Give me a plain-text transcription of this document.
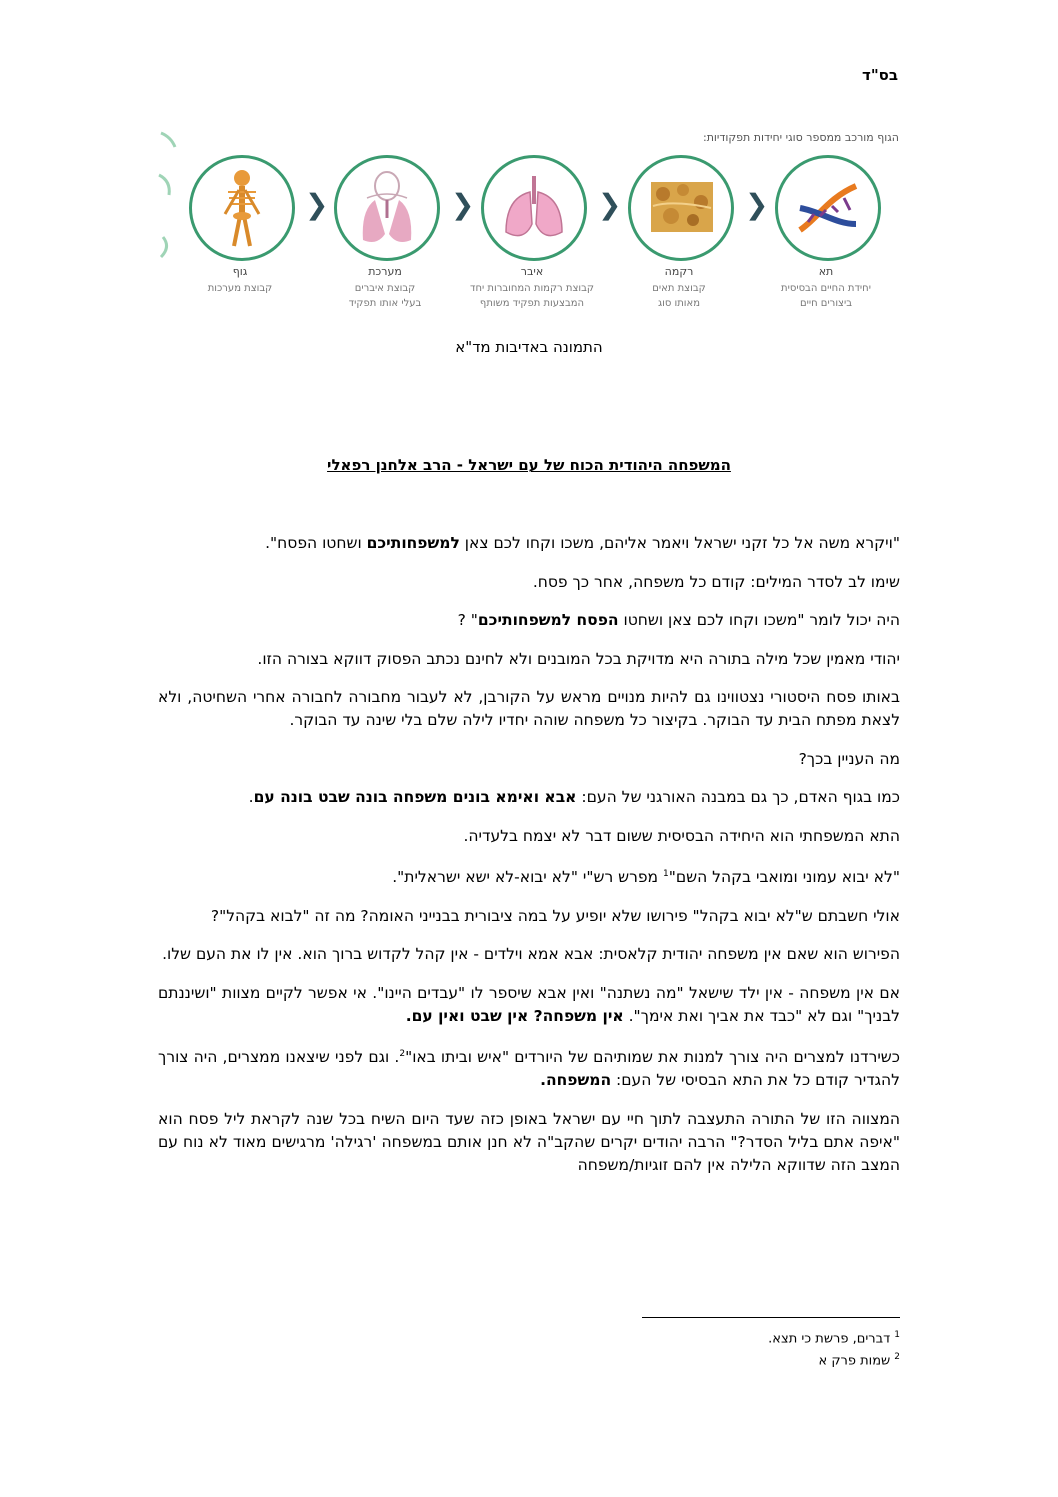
בס"ד
הגוף מורכב ממספר סוגי יחידות תפקודיות:
גוף
קבוצת מערכות
❮
מערכת
קבוצת איברים
בעלי אותו תפקיד
❮
איבר
קבוצת רקמות המחוברות יחד
המבצעות תפקיד משותף
❮
רקמה
קבוצת תאים
מאותו סוג
❮
תא
יחידת החיים הבסיסית
ביצורים חיים
התמונה באדיבות מד"א
המשפחה היהודית הכוח של עם ישראל - הרב אלחנן רפאלי

"ויקרא משה אל כל זקני ישראל ויאמר אליהם, משכו וקחו לכם צאן למשפחותיכם ושחטו הפסח".

שימו לב לסדר המילים: קודם כל משפחה, אחר כך פסח.

היה יכול לומר "משכו וקחו לכם צאן ושחטו הפסח למשפחותיכם" ?

יהודי מאמין שכל מילה בתורה היא מדויקת בכל המובנים ולא לחינם נכתב הפסוק דווקא בצורה הזו.

באותו פסח היסטורי נצטווינו גם להיות מנויים מראש על הקורבן, לא לעבור מחבורה לחבורה אחרי השחיטה, ולא לצאת מפתח הבית עד הבוקר. בקיצור כל משפחה שוהה יחדיו לילה שלם בלי שינה עד הבוקר.

מה העניין בכך?

כמו בגוף האדם, כך גם במבנה האורגני של העם: אבא ואימא בונים משפחה בונה שבט בונה עם.

התא המשפחתי הוא היחידה הבסיסית ששום דבר לא יצמח בלעדיה.

"לא יבוא עמוני ומואבי בקהל השם"$^1$ מפרש רש"י "לא יבוא-לא ישא ישראלית".

אולי חשבתם ש"לא יבוא בקהל" פירושו שלא יופיע על במה ציבורית בבנייני האומה? מה זה "לבוא בקהל"?

הפירוש הוא שאם אין משפחה יהודית קלאסית: אבא אמא וילדים - אין קהל לקדוש ברוך הוא. אין לו את העם שלו.

אם אין משפחה - אין ילד שישאל "מה נשתנה" ואין אבא שיספר לו "עבדים היינו". אי אפשר לקיים מצוות "ושיננתם לבניך" וגם לא "כבד את אביך ואת אימך". אין משפחה? אין שבט ואין עם.

כשירדנו למצרים היה צורך למנות את שמותיהם של היורדים "איש וביתו באו"$^2$. וגם לפני שיצאנו ממצרים, היה צורך להגדיר קודם כל את התא הבסיסי של העם: המשפחה.

המצווה הזו של התורה התעצבה לתוך חיי עם ישראל באופן כזה שעד היום השיח בכל שנה לקראת ליל פסח הוא "איפה אתם בליל הסדר?" הרבה יהודים יקרים שהקב"ה לא חנן אותם במשפחה 'רגילה' מרגישים מאוד לא נוח עם המצב הזה שדווקא הלילה אין להם זוגיות/משפחה

$^1$דברים, פרשת כי תצא.
$^2$שמות פרק א
